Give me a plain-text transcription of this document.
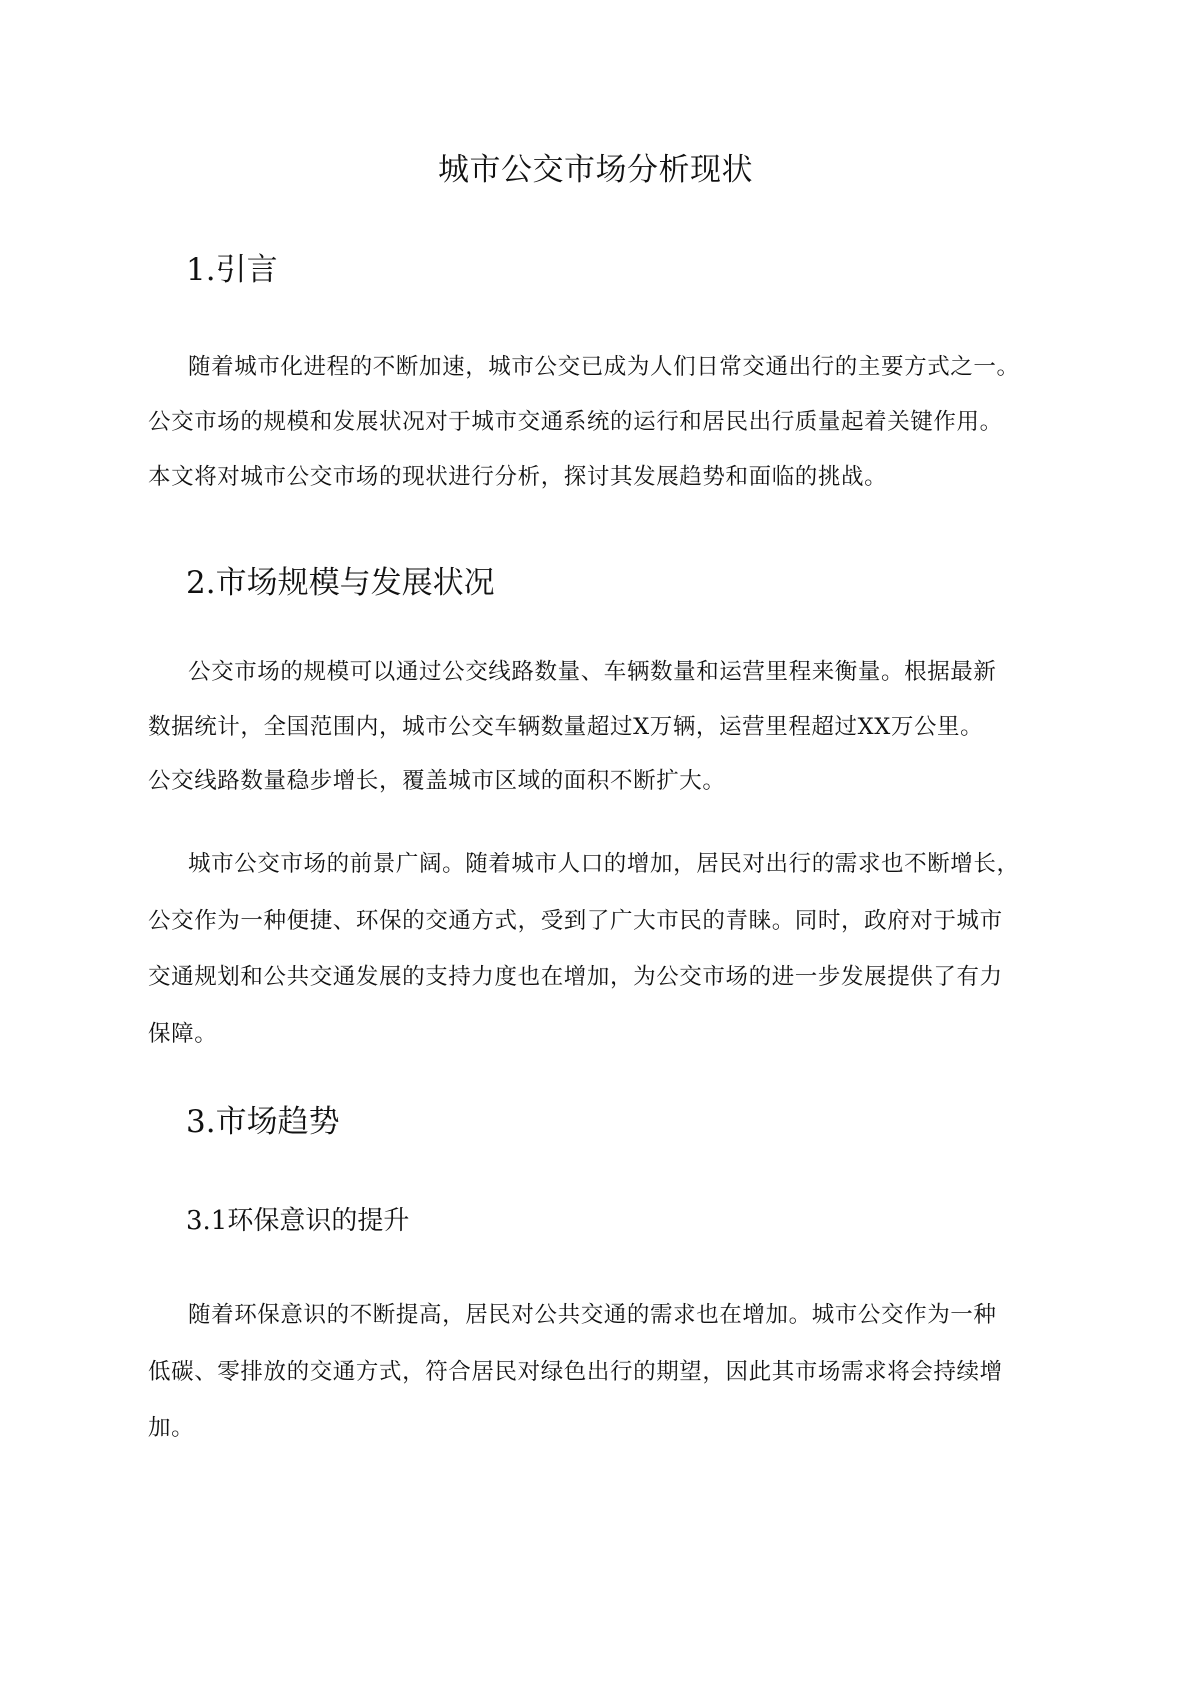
城市公交市场分析现状
1.引言
随着城市化进程的不断加速，城市公交已成为人们日常交通出行的主要方式之一。
公交市场的规模和发展状况对于城市交通系统的运行和居民出行质量起着关键作用。
本文将对城市公交市场的现状进行分析，探讨其发展趋势和面临的挑战。
2.市场规模与发展状况
公交市场的规模可以通过公交线路数量、车辆数量和运营里程来衡量。根据最新
数据统计，全国范围内，城市公交车辆数量超过X万辆，运营里程超过XX万公里。
公交线路数量稳步增长，覆盖城市区域的面积不断扩大。
城市公交市场的前景广阔。随着城市人口的增加，居民对出行的需求也不断增长，
公交作为一种便捷、环保的交通方式，受到了广大市民的青睐。同时，政府对于城市
交通规划和公共交通发展的支持力度也在增加，为公交市场的进一步发展提供了有力
保障。
3.市场趋势
3.1环保意识的提升
随着环保意识的不断提高，居民对公共交通的需求也在增加。城市公交作为一种
低碳、零排放的交通方式，符合居民对绿色出行的期望，因此其市场需求将会持续增
加。
